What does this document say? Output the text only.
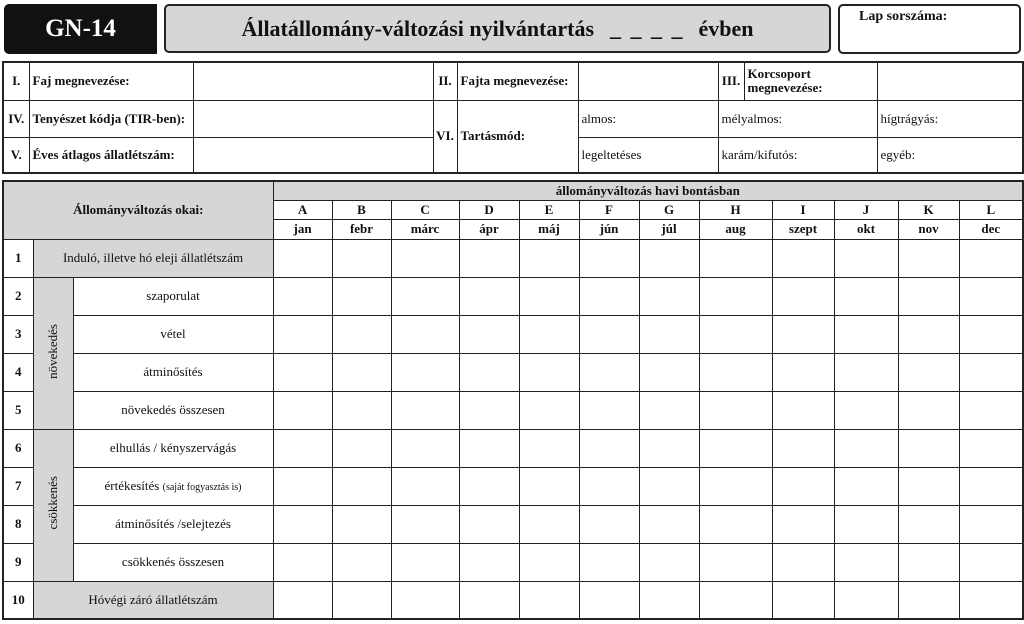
GN-14	Állatállomány-változási nyilvántartás _ _ _ _ évben	Lap sorszáma:
I.	Faj megnevezése:		II.	Fajta megnevezése:		III.	Korcsoport megnevezése:	
IV.	Tenyészet kódja (TIR-ben):		VI.	Tartásmód:	almos:	mélyalmos:		hígtrágyás:
V.	Éves átlagos állatlétszám:				legeltetéses	karám/kifutós:		egyéb:
Állományváltozás okai:			állományváltozás havi bontásban											
			A	B	C	D	E	F	G	H	I	J	K	L
			jan	febr	márc	ápr	máj	jún	júl	aug	szept	okt	nov	dec
1	Induló, illetve hó eleji állatlétszám													
2	növekedés	szaporulat												
3		vétel												
4		átminősítés												
5		növekedés összesen												
6	csökkenés	elhullás / kényszervágás												
7		értékesítés (saját fogyasztás is)												
8		átminősítés /selejtezés												
9		csökkenés összesen												
10	Hóvégi záró állatlétszám													
